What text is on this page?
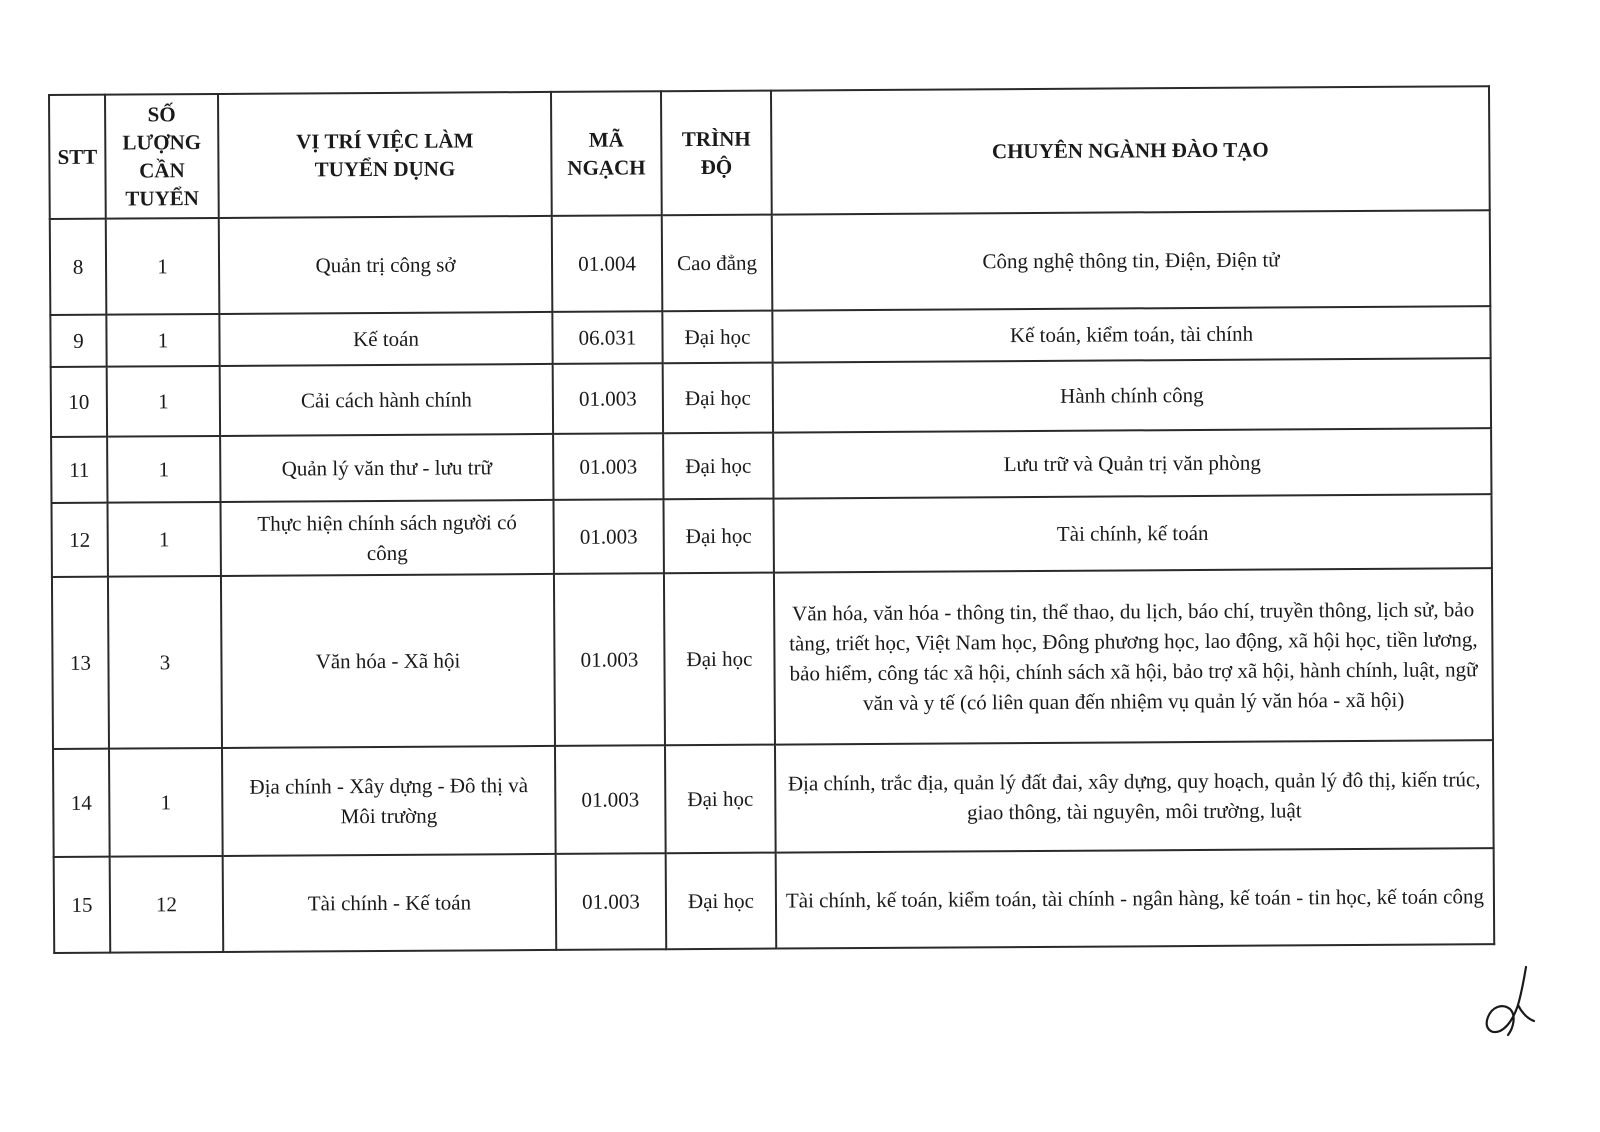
STT	SỐ LƯỢNG CẦN TUYỂN	VỊ TRÍ VIỆC LÀM TUYỂN DỤNG	MÃ NGẠCH	TRÌNH ĐỘ	CHUYÊN NGÀNH ĐÀO TẠO
8	1	Quản trị công sở	01.004	Cao đẳng	Công nghệ thông tin, Điện, Điện tử
9	1	Kế toán	06.031	Đại học	Kế toán, kiểm toán, tài chính
10	1	Cải cách hành chính	01.003	Đại học	Hành chính công
11	1	Quản lý văn thư - lưu trữ	01.003	Đại học	Lưu trữ và Quản trị văn phòng
12	1	Thực hiện chính sách người có công	01.003	Đại học	Tài chính, kế toán
13	3	Văn hóa - Xã hội	01.003	Đại học	Văn hóa, văn hóa - thông tin, thể thao, du lịch, báo chí, truyền thông, lịch sử, bảo tàng, triết học, Việt Nam học, Đông phương học, lao động, xã hội học, tiền lương, bảo hiểm, công tác xã hội, chính sách xã hội, bảo trợ xã hội, hành chính, luật, ngữ văn và y tế (có liên quan đến nhiệm vụ quản lý văn hóa - xã hội)
14	1	Địa chính - Xây dựng - Đô thị và Môi trường	01.003	Đại học	Địa chính, trắc địa, quản lý đất đai, xây dựng, quy hoạch, quản lý đô thị, kiến trúc, giao thông, tài nguyên, môi trường, luật
15	12	Tài chính - Kế toán	01.003	Đại học	Tài chính, kế toán, kiểm toán, tài chính - ngân hàng, kế toán - tin học, kế toán công
